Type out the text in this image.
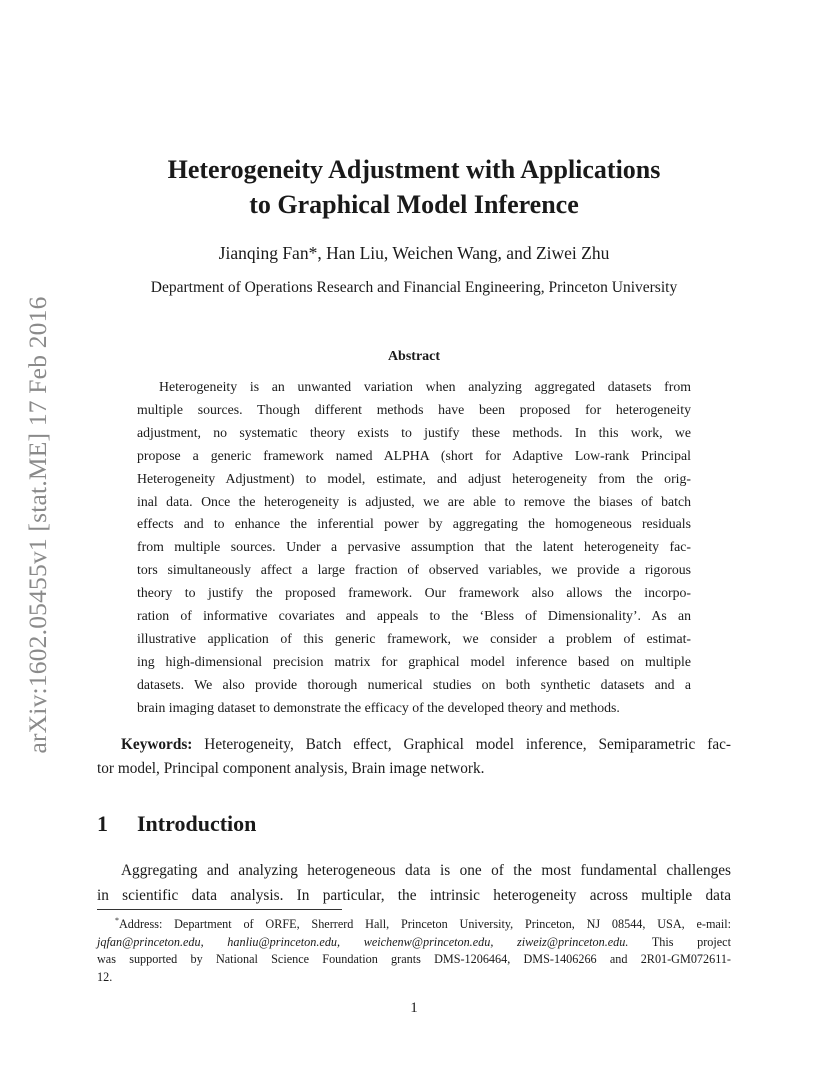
arXiv:1602.05455v1 [stat.ME] 17 Feb 2016
Heterogeneity Adjustment with Applications
to Graphical Model Inference
Jianqing Fan*, Han Liu, Weichen Wang, and Ziwei Zhu
Department of Operations Research and Financial Engineering, Princeton University
Abstract
Heterogeneity is an unwanted variation when analyzing aggregated datasets from
multiple sources. Though different methods have been proposed for heterogeneity
adjustment, no systematic theory exists to justify these methods. In this work, we
propose a generic framework named ALPHA (short for Adaptive Low-rank Principal
Heterogeneity Adjustment) to model, estimate, and adjust heterogeneity from the orig-
inal data. Once the heterogeneity is adjusted, we are able to remove the biases of batch
effects and to enhance the inferential power by aggregating the homogeneous residuals
from multiple sources. Under a pervasive assumption that the latent heterogeneity fac-
tors simultaneously affect a large fraction of observed variables, we provide a rigorous
theory to justify the proposed framework. Our framework also allows the incorpo-
ration of informative covariates and appeals to the ‘Bless of Dimensionality’. As an
illustrative application of this generic framework, we consider a problem of estimat-
ing high-dimensional precision matrix for graphical model inference based on multiple
datasets. We also provide thorough numerical studies on both synthetic datasets and a
brain imaging dataset to demonstrate the efficacy of the developed theory and methods.
Keywords: Heterogeneity, Batch effect, Graphical model inference, Semiparametric fac-
tor model, Principal component analysis, Brain image network.
1 Introduction
Aggregating and analyzing heterogeneous data is one of the most fundamental challenges
in scientific data analysis. In particular, the intrinsic heterogeneity across multiple data
*Address: Department of ORFE, Sherrerd Hall, Princeton University, Princeton, NJ 08544, USA, e-mail:
jqfan@princeton.edu, hanliu@princeton.edu, weichenw@princeton.edu, ziweiz@princeton.edu. This project
was supported by National Science Foundation grants DMS-1206464, DMS-1406266 and 2R01-GM072611-
12.
1
